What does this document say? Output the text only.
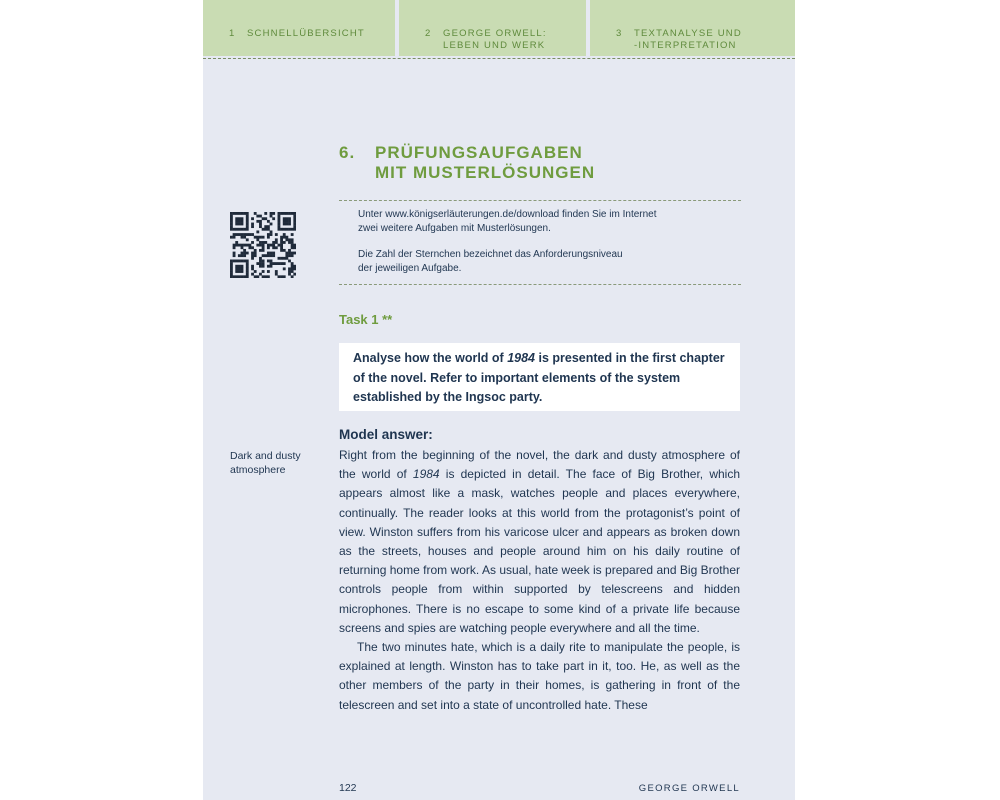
1 SCHNELLÜBERSICHT	2 GEORGE ORWELL:
LEBEN UND WERK
3 TEXTANALYSE UND
-INTERPRETATION
6. PRÜFUNGSAUFGABEN
MIT MUSTERLÖSUNGEN
Unter www.königserläuterungen.de/download finden Sie im Internet
zwei weitere Aufgaben mit Musterlösungen.
Die Zahl der Sternchen bezeichnet das Anforderungsniveau
der jeweiligen Aufgabe.
Task 1 **
Analyse how the world of 1984 is presented in the first chapter of the novel. Refer to important elements of the system established by the Ingsoc party.
Model answer:
Dark and dusty atmosphere

Right from the beginning of the novel, the dark and dusty atmosphere of the world of 1984 is depicted in detail. The face of Big Brother, which appears almost like a mask, watches people and places everywhere, continually. The reader looks at this world from the protagonist’s point of view. Winston suffers from his varicose ulcer and appears as broken down as the streets, houses and people around him on his daily routine of returning home from work. As usual, hate week is prepared and Big Brother controls people from within supported by telescreens and hidden microphones. There is no escape to some kind of a private life because screens and spies are watching people everywhere and all the time.

The two minutes hate, which is a daily rite to manipulate the people, is explained at length. Winston has to take part in it, too. He, as well as the other members of the party in their homes, is gathering in front of the telescreen and set into a state of uncontrolled hate. These

122	GEORGE ORWELL
